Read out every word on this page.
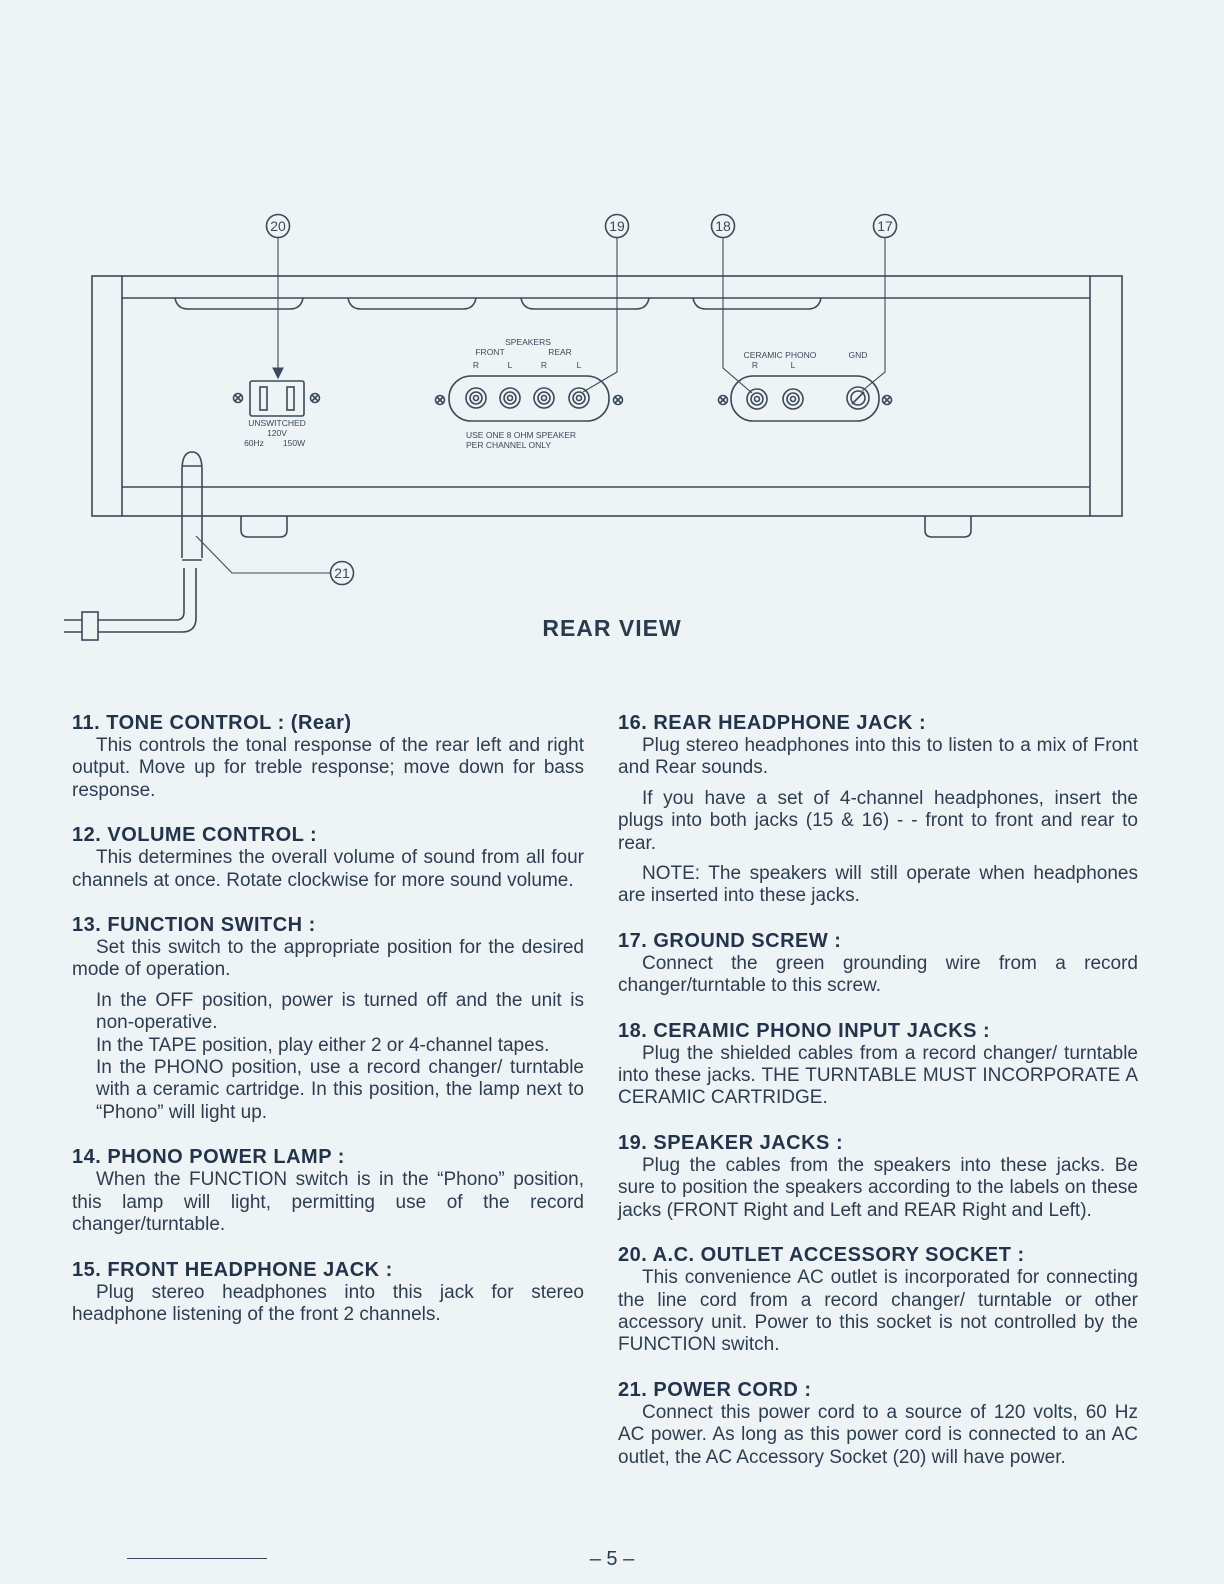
20	19	18	17
21
UNSWITCHED
120V
60Hz 150W
SPEAKERS
FRONT	REAR
R	L	R	L
CERAMIC PHONO	GND
R	L
USE ONE 8 OHM SPEAKER
PER CHANNEL ONLY
REAR VIEW
11. TONE CONTROL : (Rear)

This controls the tonal response of the rear left and right output. Move up for treble response; move down for bass response.

12. VOLUME CONTROL :

This determines the overall volume of sound from all four channels at once. Rotate clockwise for more sound volume.

13. FUNCTION SWITCH :

Set this switch to the appropriate position for the desired mode of operation.

In the OFF position, power is turned off and the unit is non-operative.

In the TAPE position, play either 2 or 4-channel tapes.

In the PHONO position, use a record changer/ turntable with a ceramic cartridge. In this position, the lamp next to “Phono” will light up.

14. PHONO POWER LAMP :

When the FUNCTION switch is in the “Phono” position, this lamp will light, permitting use of the record changer/turntable.

15. FRONT HEADPHONE JACK :

Plug stereo headphones into this jack for stereo headphone listening of the front 2 channels.

16. REAR HEADPHONE JACK :

Plug stereo headphones into this to listen to a mix of Front and Rear sounds.

If you have a set of 4-channel headphones, insert the plugs into both jacks (15 & 16) - - front to front and rear to rear.

NOTE: The speakers will still operate when headphones are inserted into these jacks.

17. GROUND SCREW :

Connect the green grounding wire from a record changer/turntable to this screw.

18. CERAMIC PHONO INPUT JACKS :

Plug the shielded cables from a record changer/ turntable into these jacks. THE TURNTABLE MUST INCORPORATE A CERAMIC CARTRIDGE.

19. SPEAKER JACKS :

Plug the cables from the speakers into these jacks. Be sure to position the speakers according to the labels on these jacks (FRONT Right and Left and REAR Right and Left).

20. A.C. OUTLET ACCESSORY SOCKET :

This convenience AC outlet is incorporated for connecting the line cord from a record changer/ turntable or other accessory unit. Power to this socket is not controlled by the FUNCTION switch.

21. POWER CORD :

Connect this power cord to a source of 120 volts, 60 Hz AC power. As long as this power cord is connected to an AC outlet, the AC Accessory Socket (20) will have power.

– 5 –
